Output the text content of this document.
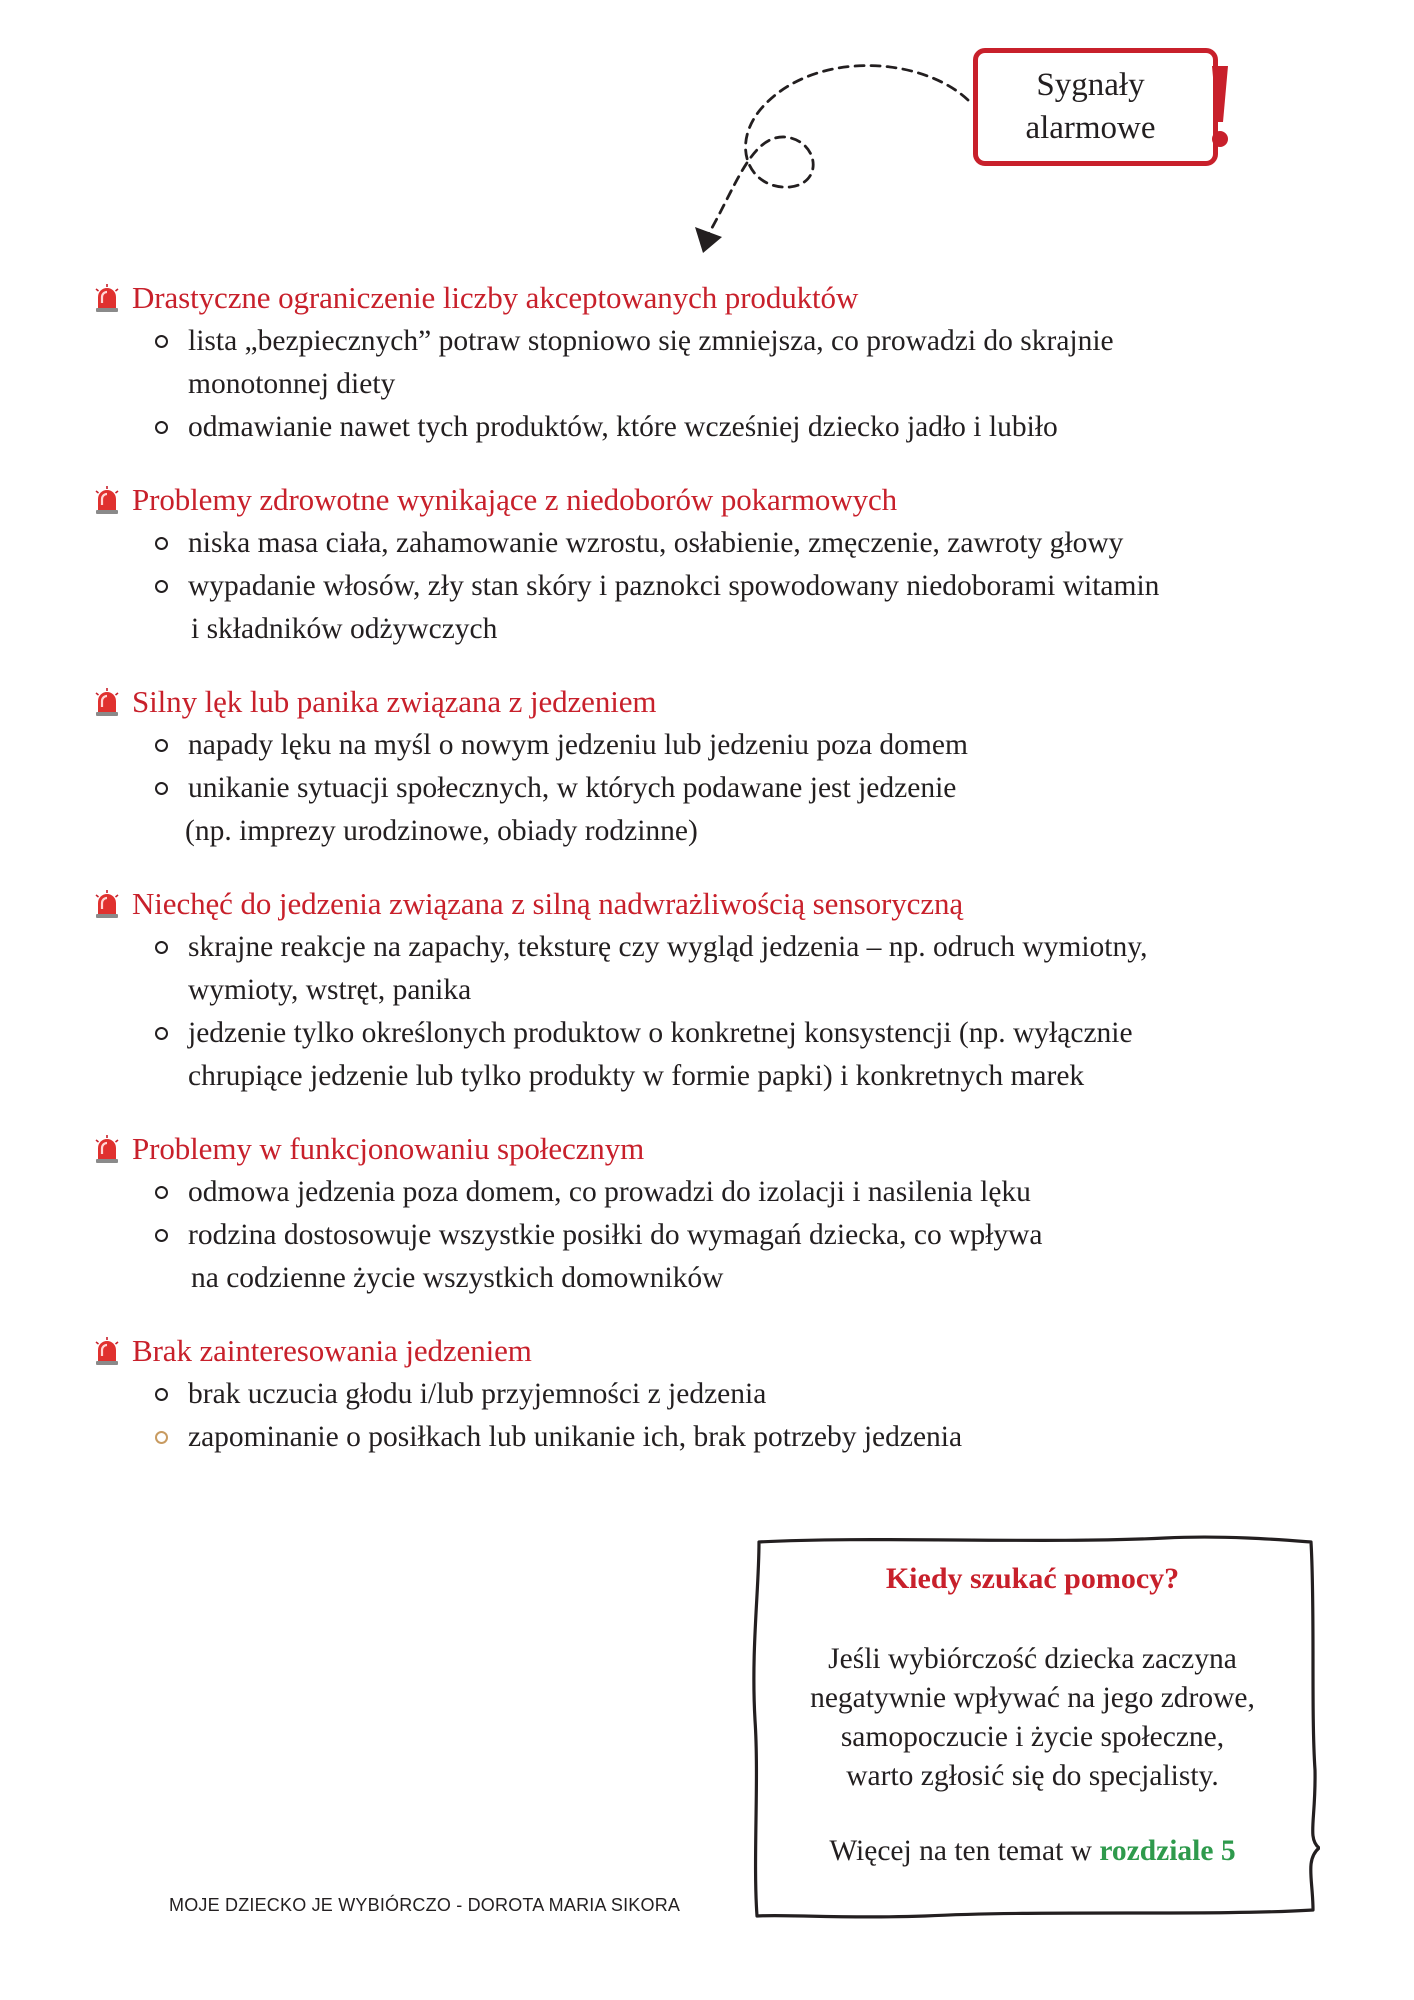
Sygnały
alarmowe
Drastyczne ograniczenie liczby akceptowanych produktów
lista „bezpiecznych” potraw stopniowo się zmniejsza, co prowadzi do skrajnie
monotonnej diety
odmawianie nawet tych produktów, które wcześniej dziecko jadło i lubiło
Problemy zdrowotne wynikające z niedoborów pokarmowych
niska masa ciała, zahamowanie wzrostu, osłabienie, zmęczenie, zawroty głowy
wypadanie włosów, zły stan skóry i paznokci spowodowany niedoborami witamin
i składników odżywczych
Silny lęk lub panika związana z jedzeniem
napady lęku na myśl o nowym jedzeniu lub jedzeniu poza domem
unikanie sytuacji społecznych, w których podawane jest jedzenie
(np. imprezy urodzinowe, obiady rodzinne)
Niechęć do jedzenia związana z silną nadwrażliwością sensoryczną
skrajne reakcje na zapachy, teksturę czy wygląd jedzenia – np. odruch wymiotny,
wymioty, wstręt, panika
jedzenie tylko określonych produktow o konkretnej konsystencji (np. wyłącznie
chrupiące jedzenie lub tylko produkty w formie papki) i konkretnych marek
Problemy w funkcjonowaniu społecznym
odmowa jedzenia poza domem, co prowadzi do izolacji i nasilenia lęku
rodzina dostosowuje wszystkie posiłki do wymagań dziecka, co wpływa
na codzienne życie wszystkich domowników
Brak zainteresowania jedzeniem
brak uczucia głodu i/lub przyjemności z jedzenia
zapominanie o posiłkach lub unikanie ich, brak potrzeby jedzenia
Kiedy szukać pomocy?
Jeśli wybiórczość dziecka zaczyna
negatywnie wpływać na jego zdrowe,
samopoczucie i życie społeczne,
warto zgłosić się do specjalisty.
Więcej na ten temat w rozdziale 5
MOJE DZIECKO JE WYBIÓRCZO - DOROTA MARIA SIKORA
